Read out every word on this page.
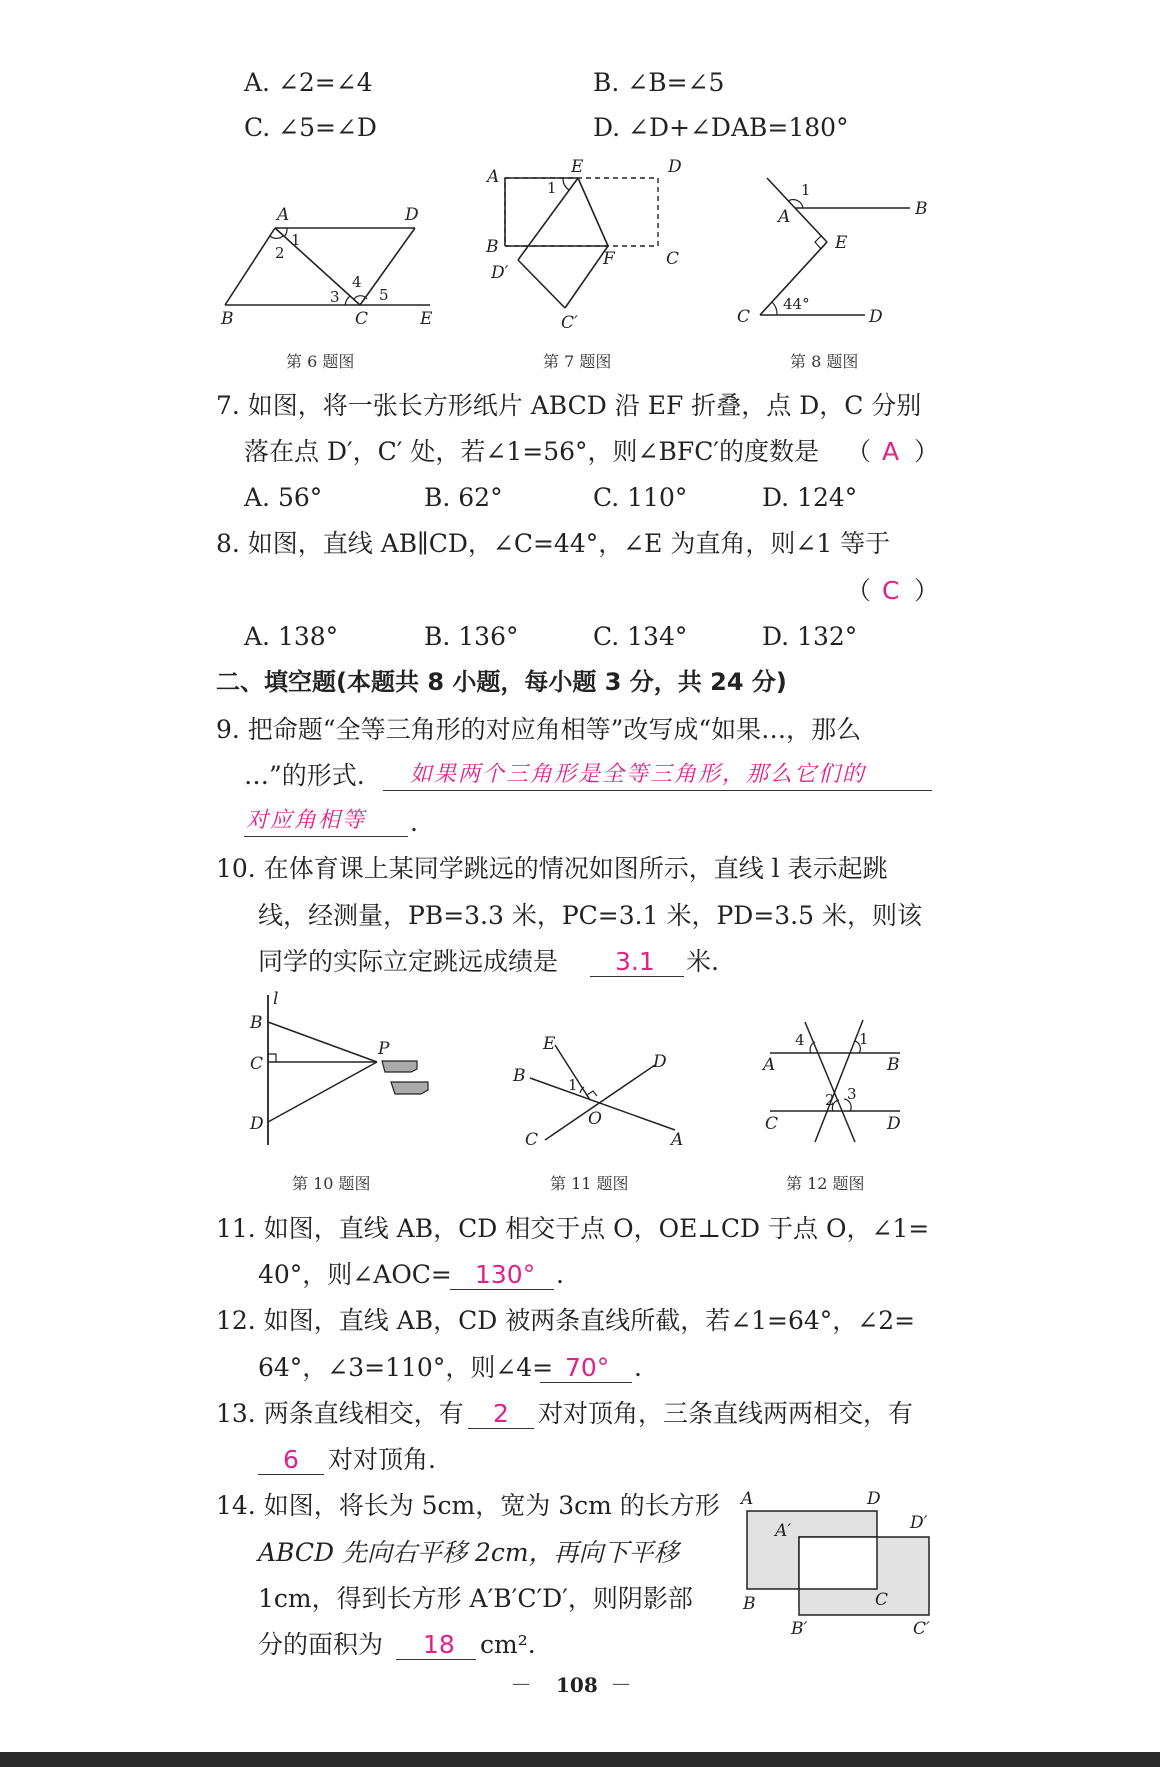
A. ∠2=∠4	B. ∠B=∠5
C. ∠5=∠D	D. ∠D+∠DAB=180°
A	D
B	C	E
1
2
3
4
5
第 6 题图
A	E	D
B
F	C
D′
C′
1
第 7 题图
A	B
E
C	D
1
44°
第 8 题图
7. 如图，将一张长方形纸片 ABCD 沿 EF 折叠，点 D，C 分别
落在点 D′，C′ 处，若∠1=56°，则∠BFC′的度数是 （ A ）
A. 56°	B. 62°	C. 110°	D. 124°
8. 如图，直线 AB∥CD，∠C=44°，∠E 为直角，则∠1 等于
（ C ）
A. 138°	B. 136°	C. 134°	D. 132°
二、填空题(本题共 8 小题，每小题 3 分，共 24 分)
9. 把命题“全等三角形的对应角相等”改写成“如果…，那么
…”的形式. 如果两个三角形是全等三角形，那么它们的
对应角相等 .
10. 在体育课上某同学跳远的情况如图所示，直线 l 表示起跳
线，经测量，PB=3.3 米，PC=3.1 米，PD=3.5 米，则该
同学的实际立定跳远成绩是 3.1 米.
l
B
C
D
P
第 10 题图
E
B
D
O
A
C
1
第 11 题图
4	1
A	B
2 3
C	D
第 12 题图
11. 如图，直线 AB，CD 相交于点 O，OE⊥CD 于点 O，∠1=
40°，则∠AOC= 130° .
12. 如图，直线 AB，CD 被两条直线所截，若∠1=64°，∠2=
64°，∠3=110°，则∠4= 70° .
13. 两条直线相交，有 2 对对顶角，三条直线两两相交，有
6 对对顶角.
14. 如图，将长为 5cm，宽为 3cm 的长方形
ABCD 先向右平移 2cm，再向下平移
1cm，得到长方形 A′B′C′D′，则阴影部
分的面积为 18 cm².
A	D
D′
A′
B	C
B′	C′
— 108 —
